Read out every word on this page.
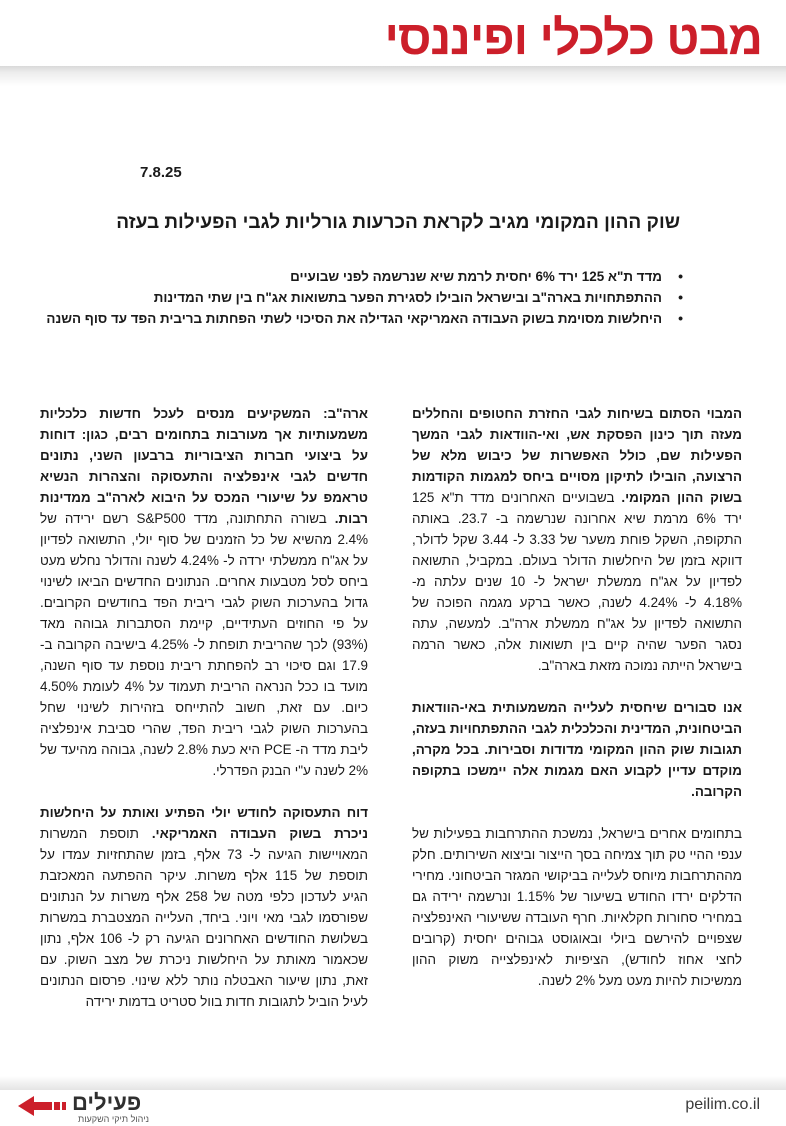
מבט כלכלי ופיננסי
7.8.25
שוק ההון המקומי מגיב לקראת הכרעות גורליות לגבי הפעילות בעזה
•
מדד ת"א 125 ירד 6% יחסית לרמת שיא שנרשמה לפני שבועיים
•
ההתפתחויות בארה"ב ובישראל הובילו לסגירת הפער בתשואות אג"ח בין שתי המדינות
•
היחלשות מסוימת בשוק העבודה האמריקאי הגדילה את הסיכוי לשתי הפחתות בריבית הפד עד סוף השנה

המבוי הסתום בשיחות לגבי החזרת החטופים והחללים מעזה תוך כינון הפסקת אש, ואי-הוודאות לגבי המשך הפעילות שם, כולל האפשרות של כיבוש מלא של הרצועה, הובילו לתיקון מסויים ביחס למגמות הקודמות בשוק ההון המקומי. בשבועיים האחרונים מדד ת"א 125 ירד 6% מרמת שיא אחרונה שנרשמה ב- 23.7. באותה התקופה, השקל פוחת משער של 3.33 ל- 3.44 שקל לדולר, דווקא בזמן של היחלשות הדולר בעולם. במקביל, התשואה לפדיון על אג"ח ממשלת ישראל ל- 10 שנים עלתה מ- 4.18% ל- 4.24% לשנה, כאשר ברקע מגמה הפוכה של התשואה לפדיון על אג"ח ממשלת ארה"ב. למעשה, עתה נסגר הפער שהיה קיים בין תשואות אלה, כאשר הרמה בישראל הייתה נמוכה מזאת בארה"ב.

אנו סבורים שיחסית לעלייה המשמעותית באי-הוודאות הביטחונית, המדינית והכלכלית לגבי ההתפתחויות בעזה, תגובות שוק ההון המקומי מדודות וסבירות. בכל מקרה, מוקדם עדיין לקבוע האם מגמות אלה יימשכו בתקופה הקרובה.

בתחומים אחרים בישראל, נמשכת ההתרחבות בפעילות של ענפי ההיי טק תוך צמיחה בסך הייצור וביצוא השירותים. חלק מההתרחבות מיוחס לעלייה בביקושי המגזר הביטחוני. מחירי הדלקים ירדו החודש בשיעור של 1.15% ונרשמה ירידה גם במחירי סחורות חקלאיות. חרף העובדה ששיעורי האינפלציה שצפויים להירשם ביולי ובאוגוסט גבוהים יחסית (קרובים לחצי אחוז לחודש), הציפיות לאינפלצייה משוק ההון ממשיכות להיות מעט מעל 2% לשנה.

ארה"ב: המשקיעים מנסים לעכל חדשות כלכליות משמעותיות אך מעורבות בתחומים רבים, כגון: דוחות על ביצועי חברות הציבוריות ברבעון השני, נתונים חדשים לגבי אינפלציה והתעסוקה והצהרות הנשיא טראמפ על שיעורי המכס על היבוא לארה"ב ממדינות רבות. בשורה התחתונה, מדד S&P500 רשם ירידה של 2.4% מהשיא של כל הזמנים של סוף יולי, התשואה לפדיון על אג"ח ממשלתי ירדה ל- 4.24% לשנה והדולר נחלש מעט ביחס לסל מטבעות אחרים. הנתונים החדשים הביאו לשינוי גדול בהערכות השוק לגבי ריבית הפד בחודשים הקרובים. על פי החוזים העתידיים, קיימת הסתברות גבוהה מאד (93%) לכך שהריבית תופחת ל- 4.25% בישיבה הקרובה ב- 17.9 וגם סיכוי רב להפחתת ריבית נוספת עד סוף השנה, מועד בו ככל הנראה הריבית תעמוד על 4% לעומת 4.50% כיום. עם זאת, חשוב להתייחס בזהירות לשינוי שחל בהערכות השוק לגבי ריבית הפד, שהרי סביבת אינפלציה ליבת מדד ה- PCE היא כעת 2.8% לשנה, גבוהה מהיעד של 2% לשנה ע"י הבנק הפדרלי.

דוח התעסוקה לחודש יולי הפתיע ואותת על היחלשות ניכרת בשוק העבודה האמריקאי. תוספת המשרות המאויישות הגיעה ל- 73 אלף, בזמן שהתחזיות עמדו על תוספת של 115 אלף משרות. עיקר ההפתעה המאכזבת הגיע לעדכון כלפי מטה של 258 אלף משרות על הנתונים שפורסמו לגבי מאי ויוני. ביחד, העלייה המצטברת במשרות בשלושת החודשים האחרונים הגיעה רק ל- 106 אלף, נתון שכאמור מאותת על היחלשות ניכרת של מצב השוק. עם זאת, נתון שיעור האבטלה נותר ללא שינוי. פרסום הנתונים לעיל הוביל לתגובות חדות בוול סטריט בדמות ירידה

פעילים
ניהול תיקי השקעות
peilim.co.il
